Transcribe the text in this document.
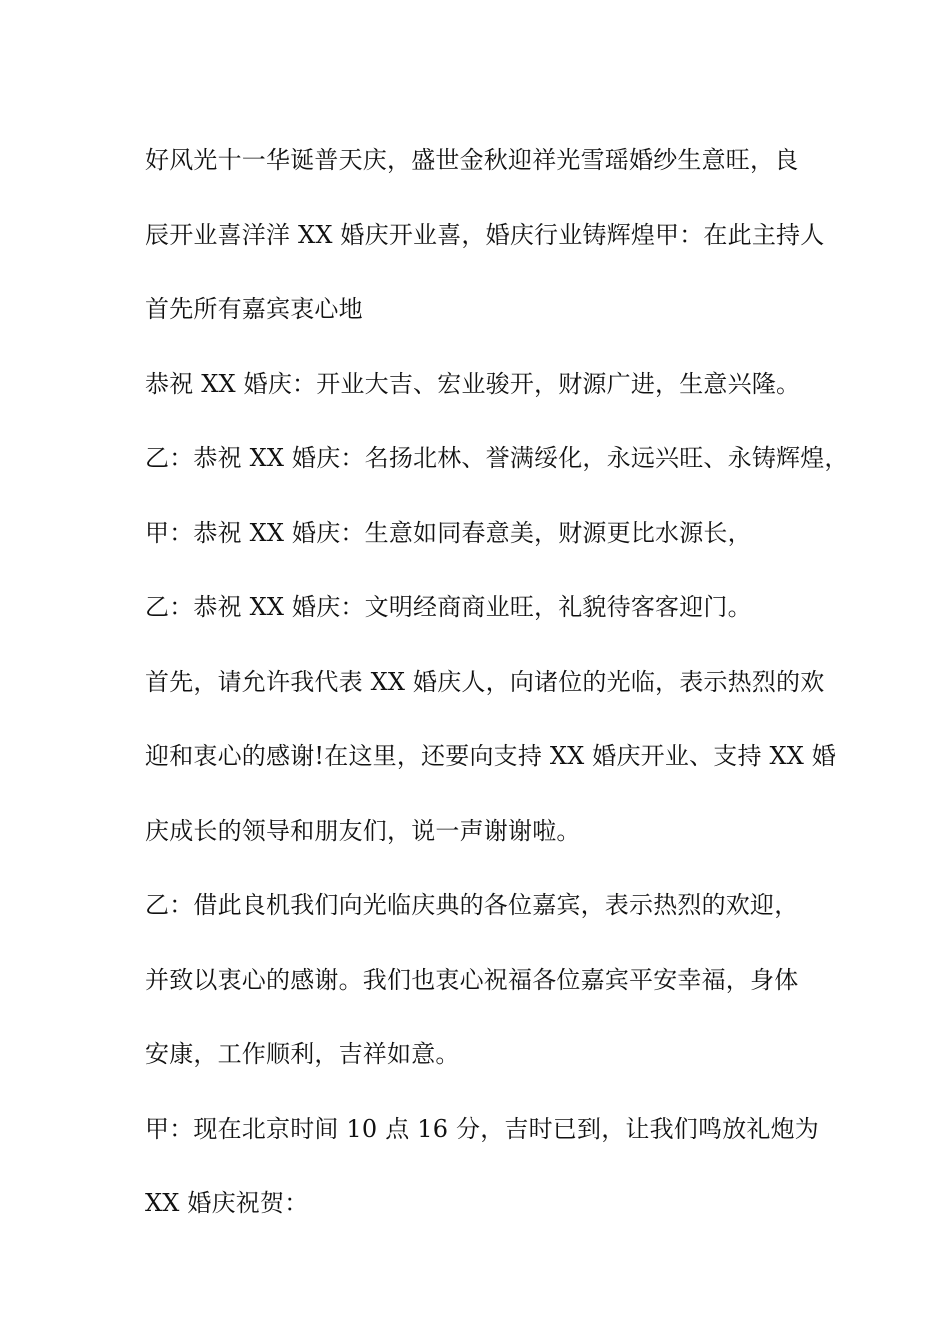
好风光十一华诞普天庆，盛世金秋迎祥光雪瑶婚纱生意旺，良
辰开业喜洋洋 XX 婚庆开业喜，婚庆行业铸辉煌甲：在此主持人
首先所有嘉宾衷心地
恭祝 XX 婚庆：开业大吉、宏业骏开，财源广进，生意兴隆。
乙：恭祝 XX 婚庆：名扬北林、誉满绥化，永远兴旺、永铸辉煌，
甲：恭祝 XX 婚庆：生意如同春意美，财源更比水源长，
乙：恭祝 XX 婚庆：文明经商商业旺，礼貌待客客迎门。
首先，请允许我代表 XX 婚庆人，向诸位的光临，表示热烈的欢
迎和衷心的感谢!在这里，还要向支持 XX 婚庆开业、支持 XX 婚
庆成长的领导和朋友们，说一声谢谢啦。
乙：借此良机我们向光临庆典的各位嘉宾，表示热烈的欢迎，
并致以衷心的感谢。我们也衷心祝福各位嘉宾平安幸福，身体
安康，工作顺利，吉祥如意。
甲：现在北京时间 10 点 16 分，吉时已到，让我们鸣放礼炮为
XX 婚庆祝贺：
